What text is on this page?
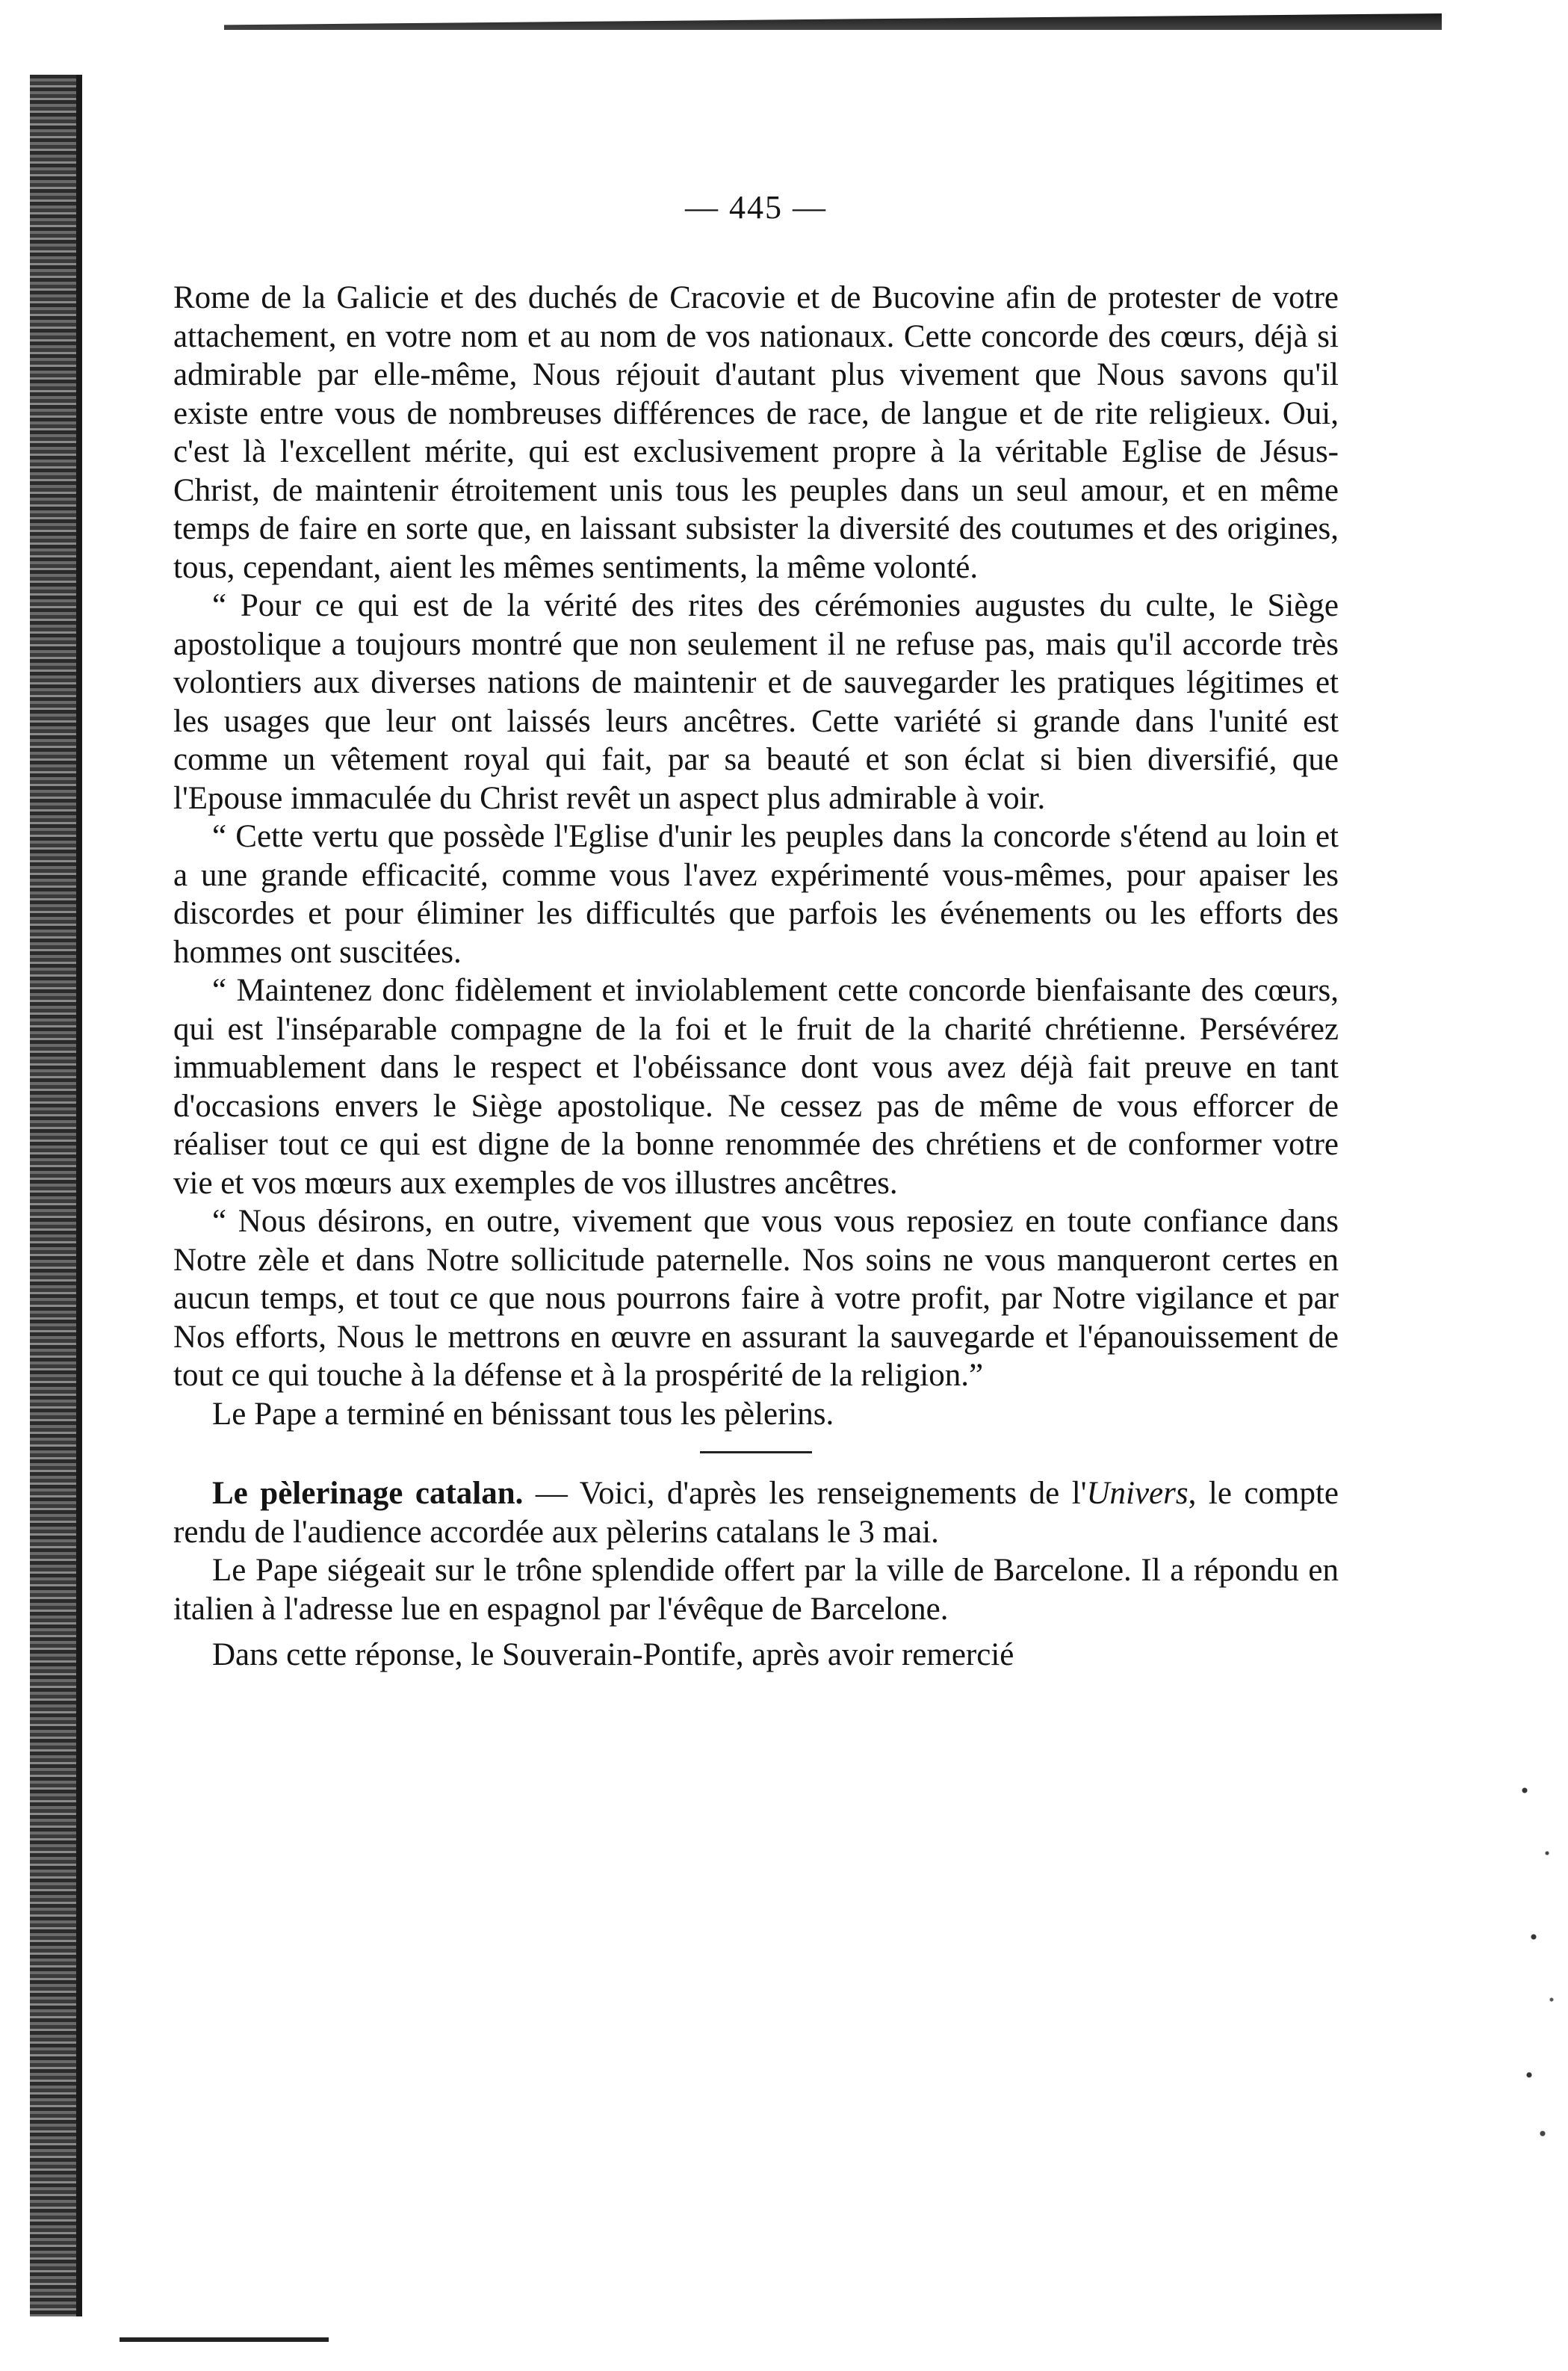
— 445 —

Rome de la Galicie et des duchés de Cracovie et de Bucovine afin de protester de votre attachement, en votre nom et au nom de vos nationaux. Cette concorde des cœurs, déjà si admirable par elle-même, Nous réjouit d'autant plus vivement que Nous savons qu'il existe entre vous de nombreuses différences de race, de langue et de rite religieux. Oui, c'est là l'excellent mérite, qui est exclusivement propre à la véritable Eglise de Jésus-Christ, de maintenir étroitement unis tous les peuples dans un seul amour, et en même temps de faire en sorte que, en laissant subsister la diversité des coutumes et des origines, tous, cependant, aient les mêmes sentiments, la même volonté.

“ Pour ce qui est de la vérité des rites des cérémonies augustes du culte, le Siège apostolique a toujours montré que non seulement il ne refuse pas, mais qu'il accorde très volontiers aux diverses nations de maintenir et de sauvegarder les pratiques légitimes et les usages que leur ont laissés leurs ancêtres. Cette variété si grande dans l'unité est comme un vêtement royal qui fait, par sa beauté et son éclat si bien diversifié, que l'Epouse immaculée du Christ revêt un aspect plus admirable à voir.

“ Cette vertu que possède l'Eglise d'unir les peuples dans la concorde s'étend au loin et a une grande efficacité, comme vous l'avez expérimenté vous-mêmes, pour apaiser les discordes et pour éliminer les difficultés que parfois les événements ou les efforts des hommes ont suscitées.

“ Maintenez donc fidèlement et inviolablement cette concorde bienfaisante des cœurs, qui est l'inséparable compagne de la foi et le fruit de la charité chrétienne. Persévérez immuablement dans le respect et l'obéissance dont vous avez déjà fait preuve en tant d'occasions envers le Siège apostolique. Ne cessez pas de même de vous efforcer de réaliser tout ce qui est digne de la bonne renommée des chrétiens et de conformer votre vie et vos mœurs aux exemples de vos illustres ancêtres.

“ Nous désirons, en outre, vivement que vous vous reposiez en toute confiance dans Notre zèle et dans Notre sollicitude paternelle. Nos soins ne vous manqueront certes en aucun temps, et tout ce que nous pourrons faire à votre profit, par Notre vigilance et par Nos efforts, Nous le mettrons en œuvre en assurant la sauvegarde et l'épanouissement de tout ce qui touche à la défense et à la prospérité de la religion.”

Le Pape a terminé en bénissant tous les pèlerins.

Le pèlerinage catalan. — Voici, d'après les renseignements de l'Univers, le compte rendu de l'audience accordée aux pèlerins catalans le 3 mai.

Le Pape siégeait sur le trône splendide offert par la ville de Barcelone. Il a répondu en italien à l'adresse lue en espagnol par l'évêque de Barcelone.

Dans cette réponse, le Souverain-Pontife, après avoir remercié
